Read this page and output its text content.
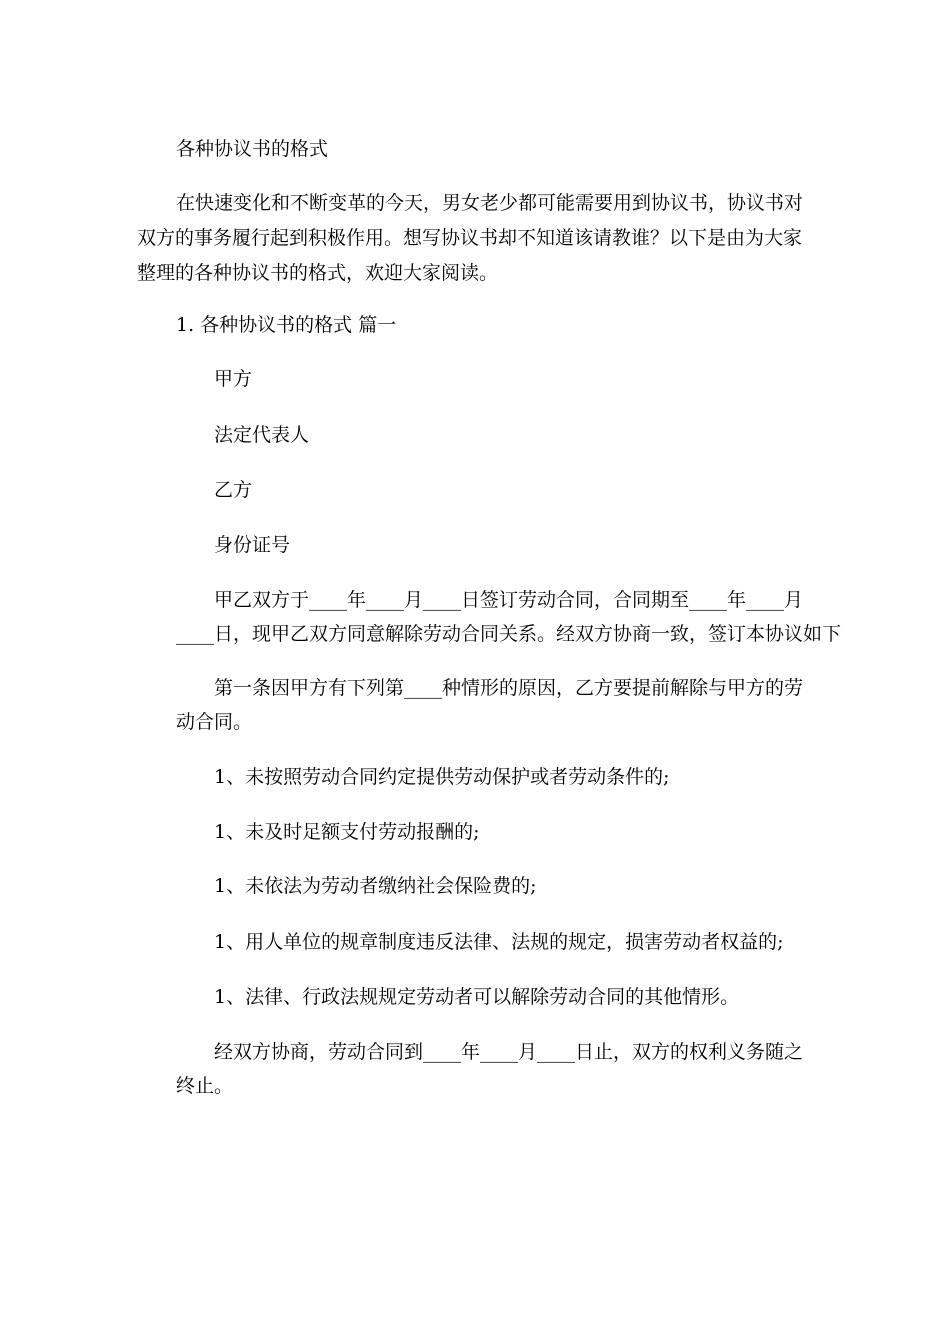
各种协议书的格式
在快速变化和不断变革的今天，男女老少都可能需要用到协议书，协议书对
双方的事务履行起到积极作用。想写协议书却不知道该请教谁？以下是由为大家
整理的各种协议书的格式，欢迎大家阅读。
1. 各种协议书的格式 篇一
甲方
法定代表人
乙方
身份证号
甲乙双方于____年____月____日签订劳动合同，合同期至____年____月
____日，现甲乙双方同意解除劳动合同关系。经双方协商一致，签订本协议如下
第一条因甲方有下列第____种情形的原因，乙方要提前解除与甲方的劳
动合同。
1、未按照劳动合同约定提供劳动保护或者劳动条件的;
1、未及时足额支付劳动报酬的;
1、未依法为劳动者缴纳社会保险费的;
1、用人单位的规章制度违反法律、法规的规定，损害劳动者权益的;
1、法律、行政法规规定劳动者可以解除劳动合同的其他情形。
经双方协商，劳动合同到____年____月____日止，双方的权利义务随之
终止。
